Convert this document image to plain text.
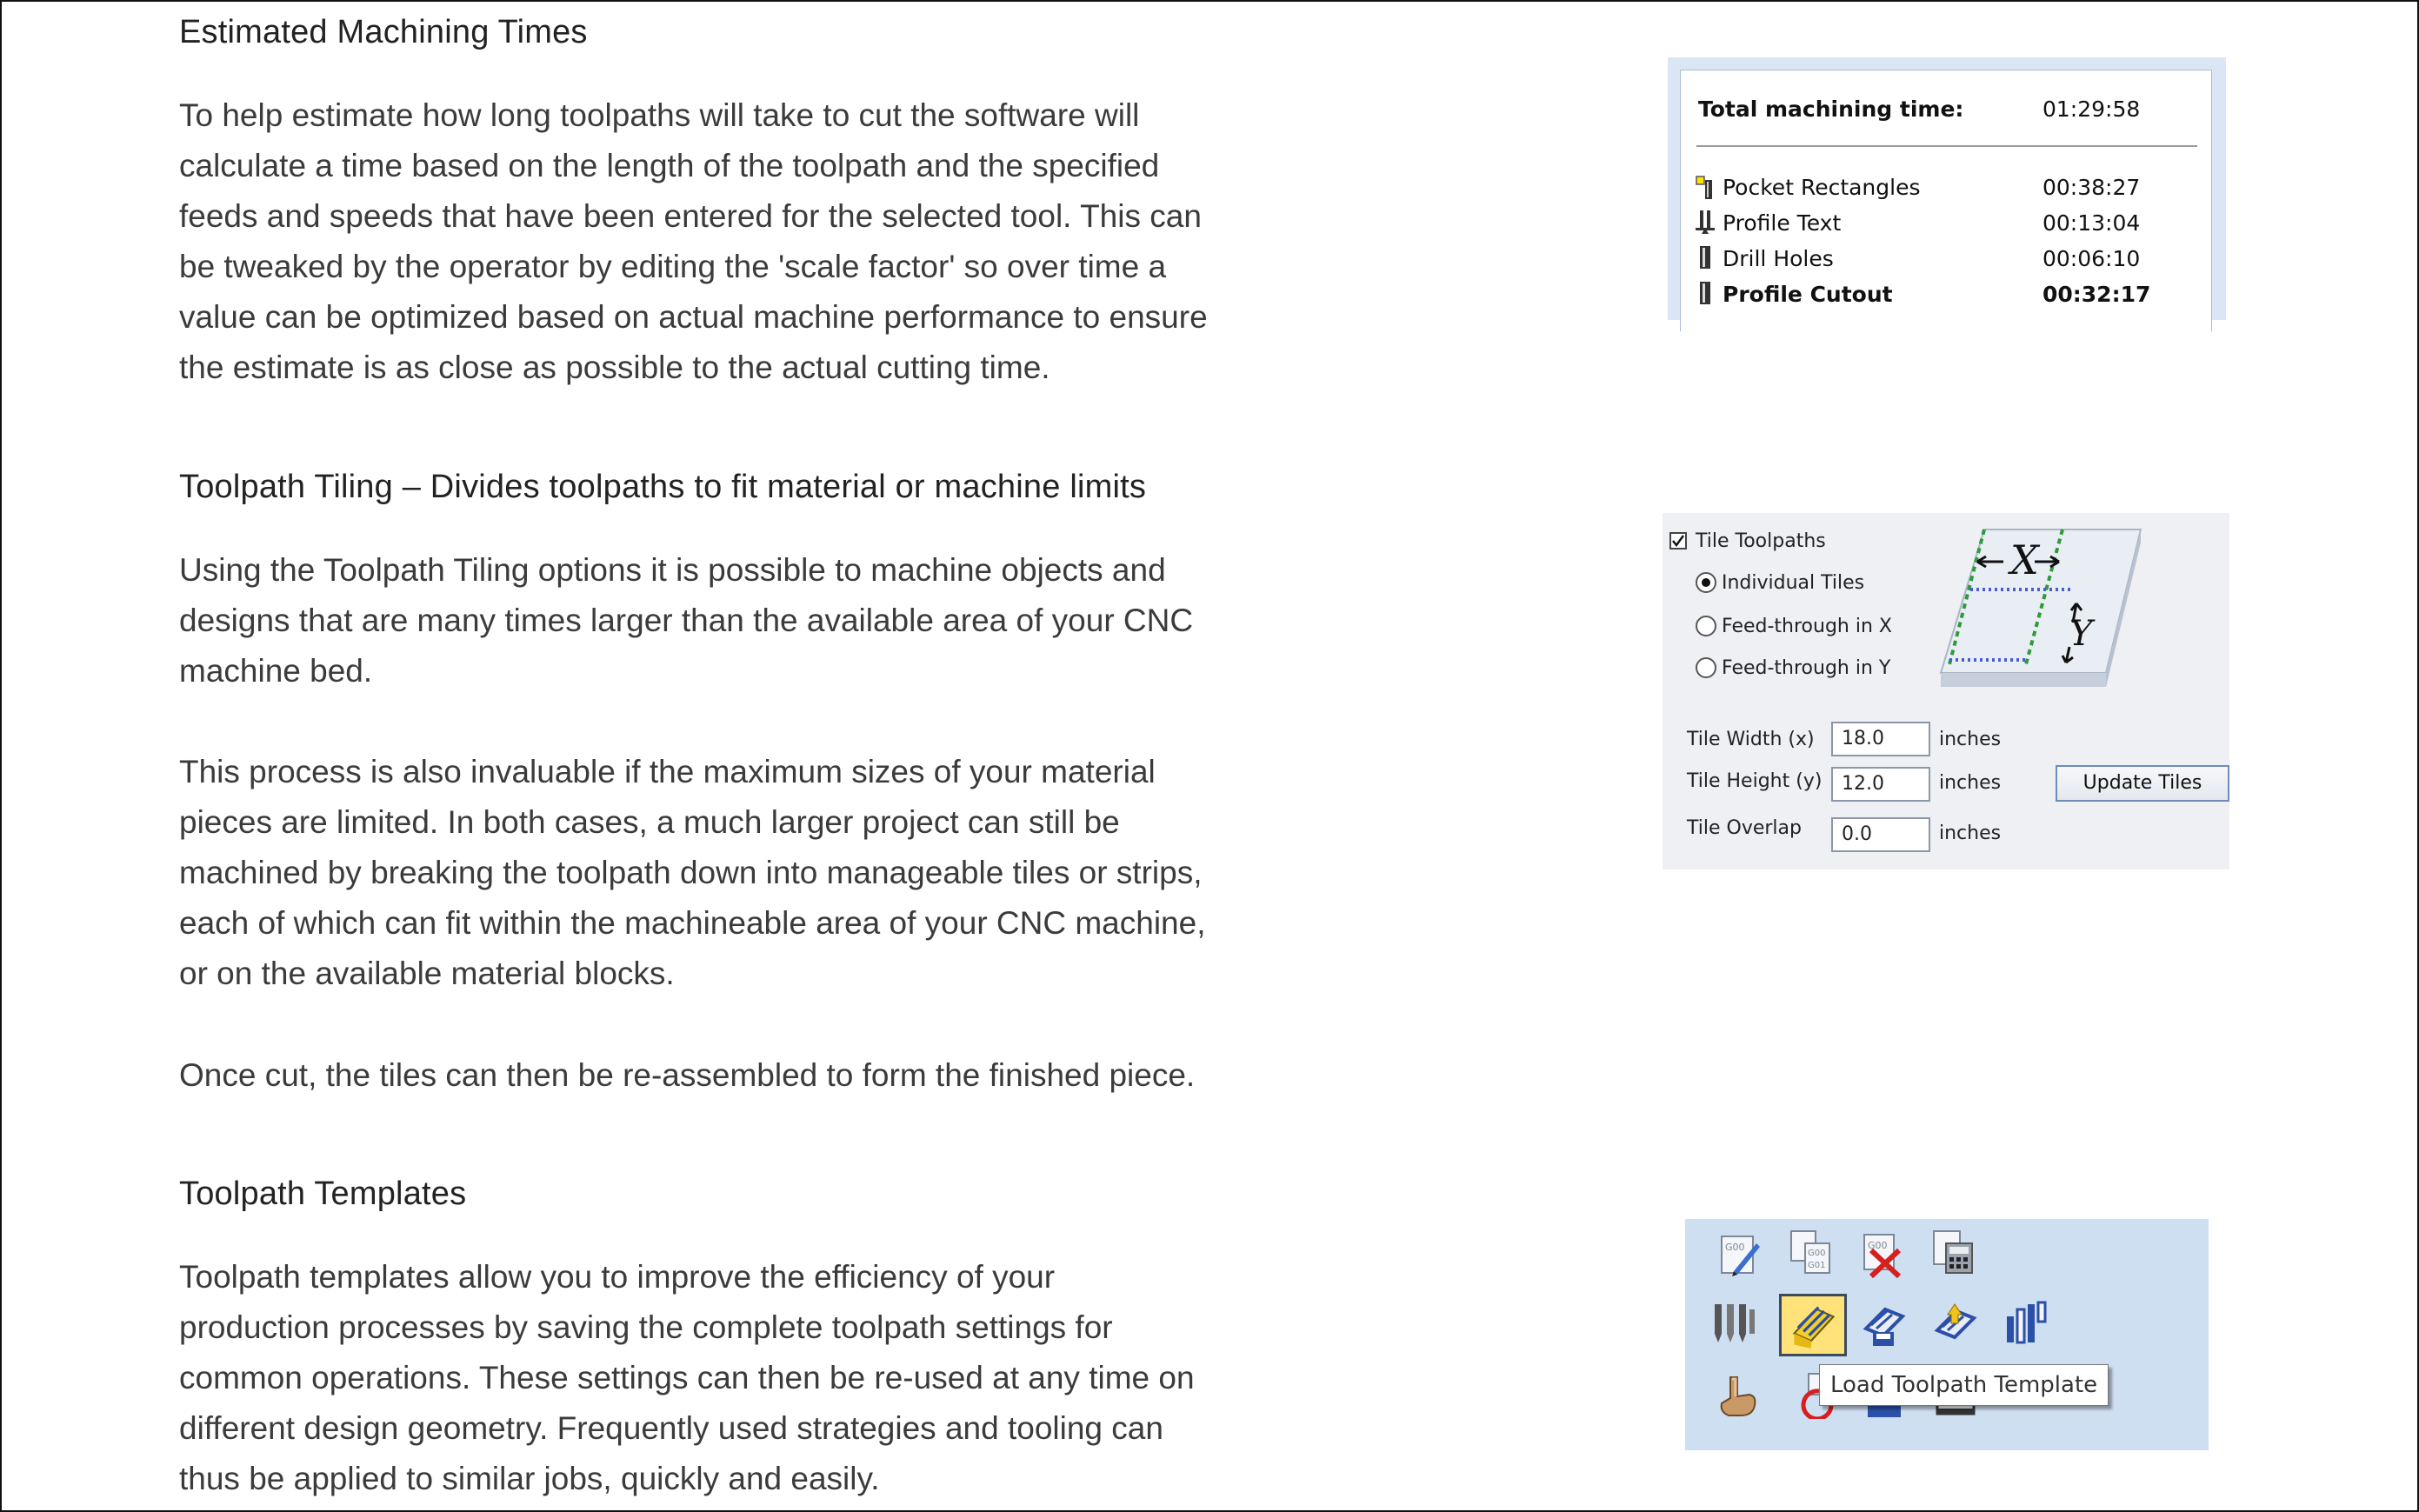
Estimated Machining Times
To help estimate how long toolpaths will take to cut the software will
calculate a time based on the length of the toolpath and the specified
feeds and speeds that have been entered for the selected tool. This can
be tweaked by the operator by editing the 'scale factor' so over time a
value can be optimized based on actual machine performance to ensure
the estimate is as close as possible to the actual cutting time.
Toolpath Tiling – Divides toolpaths to fit material or machine limits
Using the Toolpath Tiling options it is possible to machine objects and
designs that are many times larger than the available area of your CNC
machine bed.
This process is also invaluable if the maximum sizes of your material
pieces are limited. In both cases, a much larger project can still be
machined by breaking the toolpath down into manageable tiles or strips,
each of which can fit within the machineable area of your CNC machine,
or on the available material blocks.
Once cut, the tiles can then be re-assembled to form the finished piece.
Toolpath Templates
Toolpath templates allow you to improve the efficiency of your
production processes by saving the complete toolpath settings for
common operations. These settings can then be re-used at any time on
different design geometry. Frequently used strategies and tooling can
thus be applied to similar jobs, quickly and easily.
Total machining time:	01:29:58
Pocket Rectangles	00:38:27
Profile Text	00:13:04
Drill Holes	00:06:10
Profile Cutout	00:32:17
Tile Toolpaths
Individual Tiles
Feed-through in X
Feed-through in Y
X
Y
Tile Width (x)	18.0	inches
Tile Height (y)	12.0	inches	Update Tiles
Tile Overlap	0.0	inches
G00
G00
G01
G00
Load Toolpath Template
